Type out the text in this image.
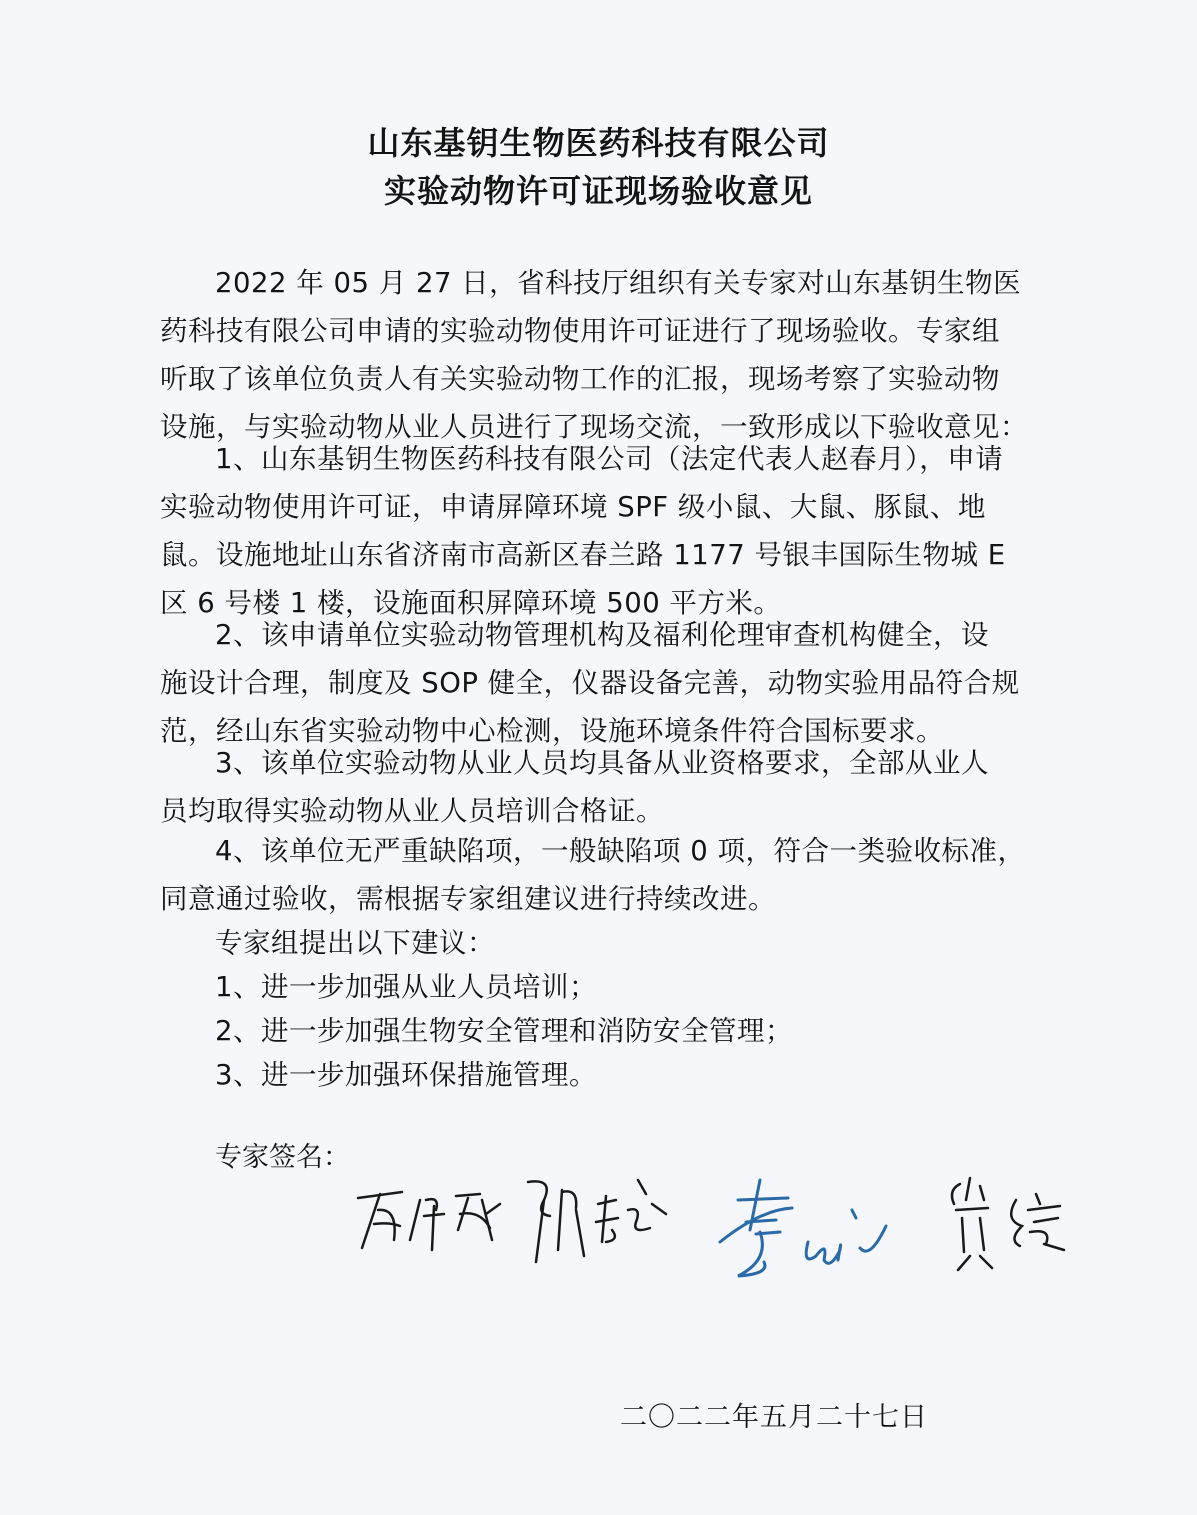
山东基钥生物医药科技有限公司
实验动物许可证现场验收意见
2022 年 05 月 27 日，省科技厅组织有关专家对山东基钥生物医
药科技有限公司申请的实验动物使用许可证进行了现场验收。专家组
听取了该单位负责人有关实验动物工作的汇报，现场考察了实验动物
设施，与实验动物从业人员进行了现场交流，一致形成以下验收意见：
1、山东基钥生物医药科技有限公司（法定代表人赵春月），申请
实验动物使用许可证，申请屏障环境 SPF 级小鼠、大鼠、豚鼠、地
鼠。设施地址山东省济南市高新区春兰路 1177 号银丰国际生物城 E
区 6 号楼 1 楼，设施面积屏障环境 500 平方米。
2、该申请单位实验动物管理机构及福利伦理审查机构健全，设
施设计合理，制度及 SOP 健全，仪器设备完善，动物实验用品符合规
范，经山东省实验动物中心检测，设施环境条件符合国标要求。
3、该单位实验动物从业人员均具备从业资格要求，全部从业人
员均取得实验动物从业人员培训合格证。
4、该单位无严重缺陷项，一般缺陷项 0 项，符合一类验收标准，
同意通过验收，需根据专家组建议进行持续改进。
专家组提出以下建议：
1、进一步加强从业人员培训；
2、进一步加强生物安全管理和消防安全管理；
3、进一步加强环保措施管理。
专家签名：
二〇二二年五月二十七日
